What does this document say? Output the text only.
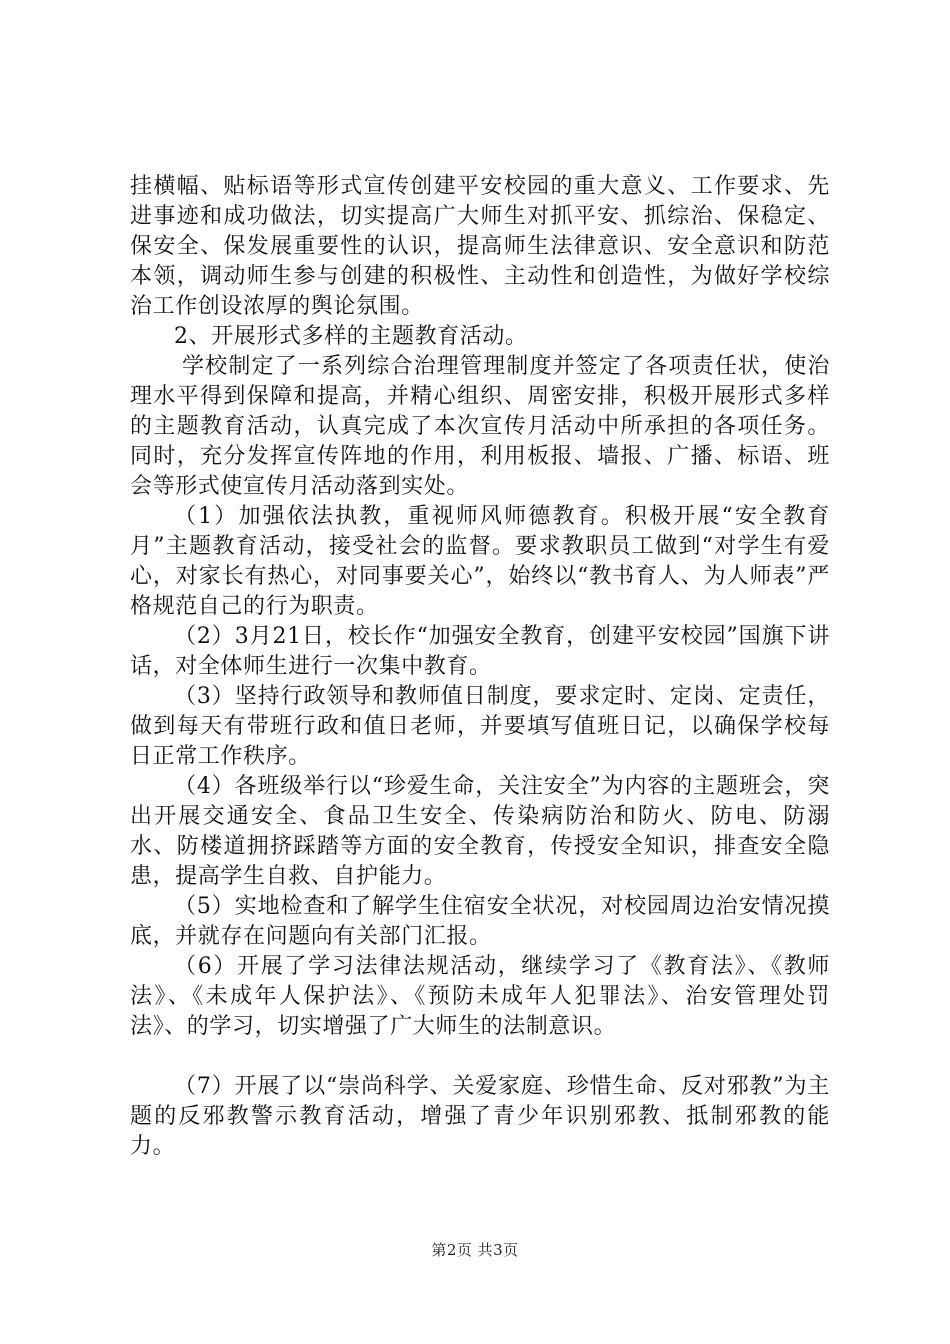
挂横幅、贴标语等形式宣传创建平安校园的重大意义、工作要求、先进事迹和成功做法，切实提高广大师生对抓平安、抓综治、保稳定、保安全、保发展重要性的认识，提高师生法律意识、安全意识和防范本领，调动师生参与创建的积极性、主动性和创造性，为做好学校综治工作创设浓厚的舆论氛围。

2、开展形式多样的主题教育活动。

学校制定了一系列综合治理管理制度并签定了各项责任状，使治理水平得到保障和提高，并精心组织、周密安排，积极开展形式多样的主题教育活动，认真完成了本次宣传月活动中所承担的各项任务。同时，充分发挥宣传阵地的作用，利用板报、墙报、广播、标语、班会等形式使宣传月活动落到实处。

（1）加强依法执教，重视师风师德教育。积极开展“安全教育月”主题教育活动，接受社会的监督。要求教职员工做到“对学生有爱心，对家长有热心，对同事要关心”，始终以“教书育人、为人师表”严格规范自己的行为职责。

（2）3月21日，校长作“加强安全教育，创建平安校园”国旗下讲话，对全体师生进行一次集中教育。

（3）坚持行政领导和教师值日制度，要求定时、定岗、定责任，做到每天有带班行政和值日老师，并要填写值班日记，以确保学校每日正常工作秩序。

（4）各班级举行以“珍爱生命，关注安全”为内容的主题班会，突出开展交通安全、食品卫生安全、传染病防治和防火、防电、防溺水、防楼道拥挤踩踏等方面的安全教育，传授安全知识，排查安全隐患，提高学生自救、自护能力。

（5）实地检查和了解学生住宿安全状况，对校园周边治安情况摸底，并就存在问题向有关部门汇报。

（6）开展了学习法律法规活动，继续学习了《教育法》、《教师法》、《未成年人保护法》、《预防未成年人犯罪法》、治安管理处罚法》、的学习，切实增强了广大师生的法制意识。

（7）开展了以“崇尚科学、关爱家庭、珍惜生命、反对邪教”为主题的反邪教警示教育活动，增强了青少年识别邪教、抵制邪教的能力。

第2页 共3页
